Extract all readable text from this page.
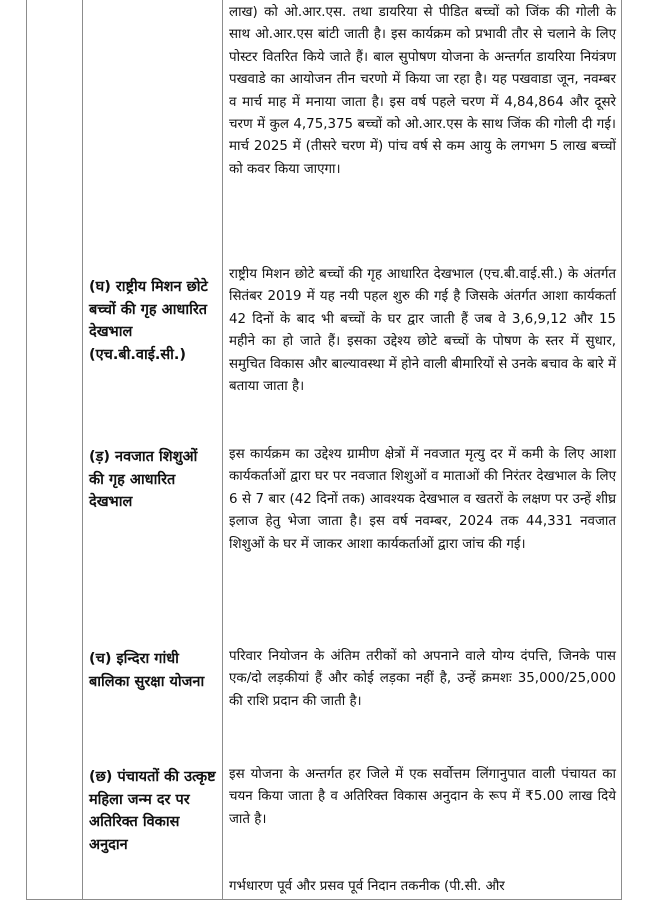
लाख) को ओ.आर.एस. तथा डायरिया से पीडित बच्चों को जिंक की गोली के साथ ओ.आर.एस बांटी जाती है। इस कार्यक्रम को प्रभावी तौर से चलाने के लिए पोस्टर वितरित किये जाते हैं। बाल सुपोषण योजना के अन्तर्गत डायरिया नियंत्रण पखवाडे का आयोजन तीन चरणो में किया जा रहा है। यह पखवाडा जून, नवम्बर व मार्च माह में मनाया जाता है। इस वर्ष पहले चरण में 4,84,864 और दूसरे चरण में कुल 4,75,375 बच्चों को ओ.आर.एस के साथ जिंक की गोली दी गई। मार्च 2025 में (तीसरे चरण में) पांच वर्ष से कम आयु के लगभग 5 लाख बच्चों को कवर किया जाएगा।
(घ) राष्ट्रीय मिशन छोटे बच्चों की गृह आधारित देखभाल (एच.बी.वाई.सी.)
राष्ट्रीय मिशन छोटे बच्चों की गृह आधारित देखभाल (एच.बी.वाई.सी.) के अंतर्गत सितंबर 2019 में यह नयी पहल शुरु की गई है जिसके अंतर्गत आशा कार्यकर्ता 42 दिनों के बाद भी बच्चों के घर द्वार जाती हैं जब वे 3,6,9,12 और 15 महीने का हो जाते हैं। इसका उद्देश्य छोटे बच्चों के पोषण के स्तर में सुधार, समुचित विकास और बाल्यावस्था में होने वाली बीमारियों से उनके बचाव के बारे में बताया जाता है।
(ड़) नवजात शिशुओं की गृह आधारित देखभाल
इस कार्यक्रम का उद्देश्य ग्रामीण क्षेत्रों में नवजात मृत्यु दर में कमी के लिए आशा कार्यकर्ताओं द्वारा घर पर नवजात शिशुओं व माताओं की निरंतर देखभाल के लिए 6 से 7 बार (42 दिनों तक) आवश्यक देखभाल व खतरों के लक्षण पर उन्हें शीघ्र इलाज हेतु भेजा जाता है। इस वर्ष नवम्बर, 2024 तक 44,331 नवजात शिशुओं के घर में जाकर आशा कार्यकर्ताओं द्वारा जांच की गई।
(च) इन्दिरा गांधी बालिका सुरक्षा योजना
परिवार नियोजन के अंतिम तरीकों को अपनाने वाले योग्य दंपत्ति, जिनके पास एक/दो लड़कीयां हैं और कोई लड़का नहीं है, उन्हें क्रमशः 35,000/25,000 की राशि प्रदान की जाती है।
(छ) पंचायतों की उत्कृष्ट महिला जन्म दर पर अतिरिक्त विकास अनुदान
इस योजना के अन्तर्गत हर जिले में एक सर्वोत्तम लिंगानुपात वाली पंचायत का चयन किया जाता है व अतिरिक्त विकास अनुदान के रूप में ₹5.00 लाख दिये जाते है।
गर्भधारण पूर्व और प्रसव पूर्व निदान तकनीक (पी.सी. और
